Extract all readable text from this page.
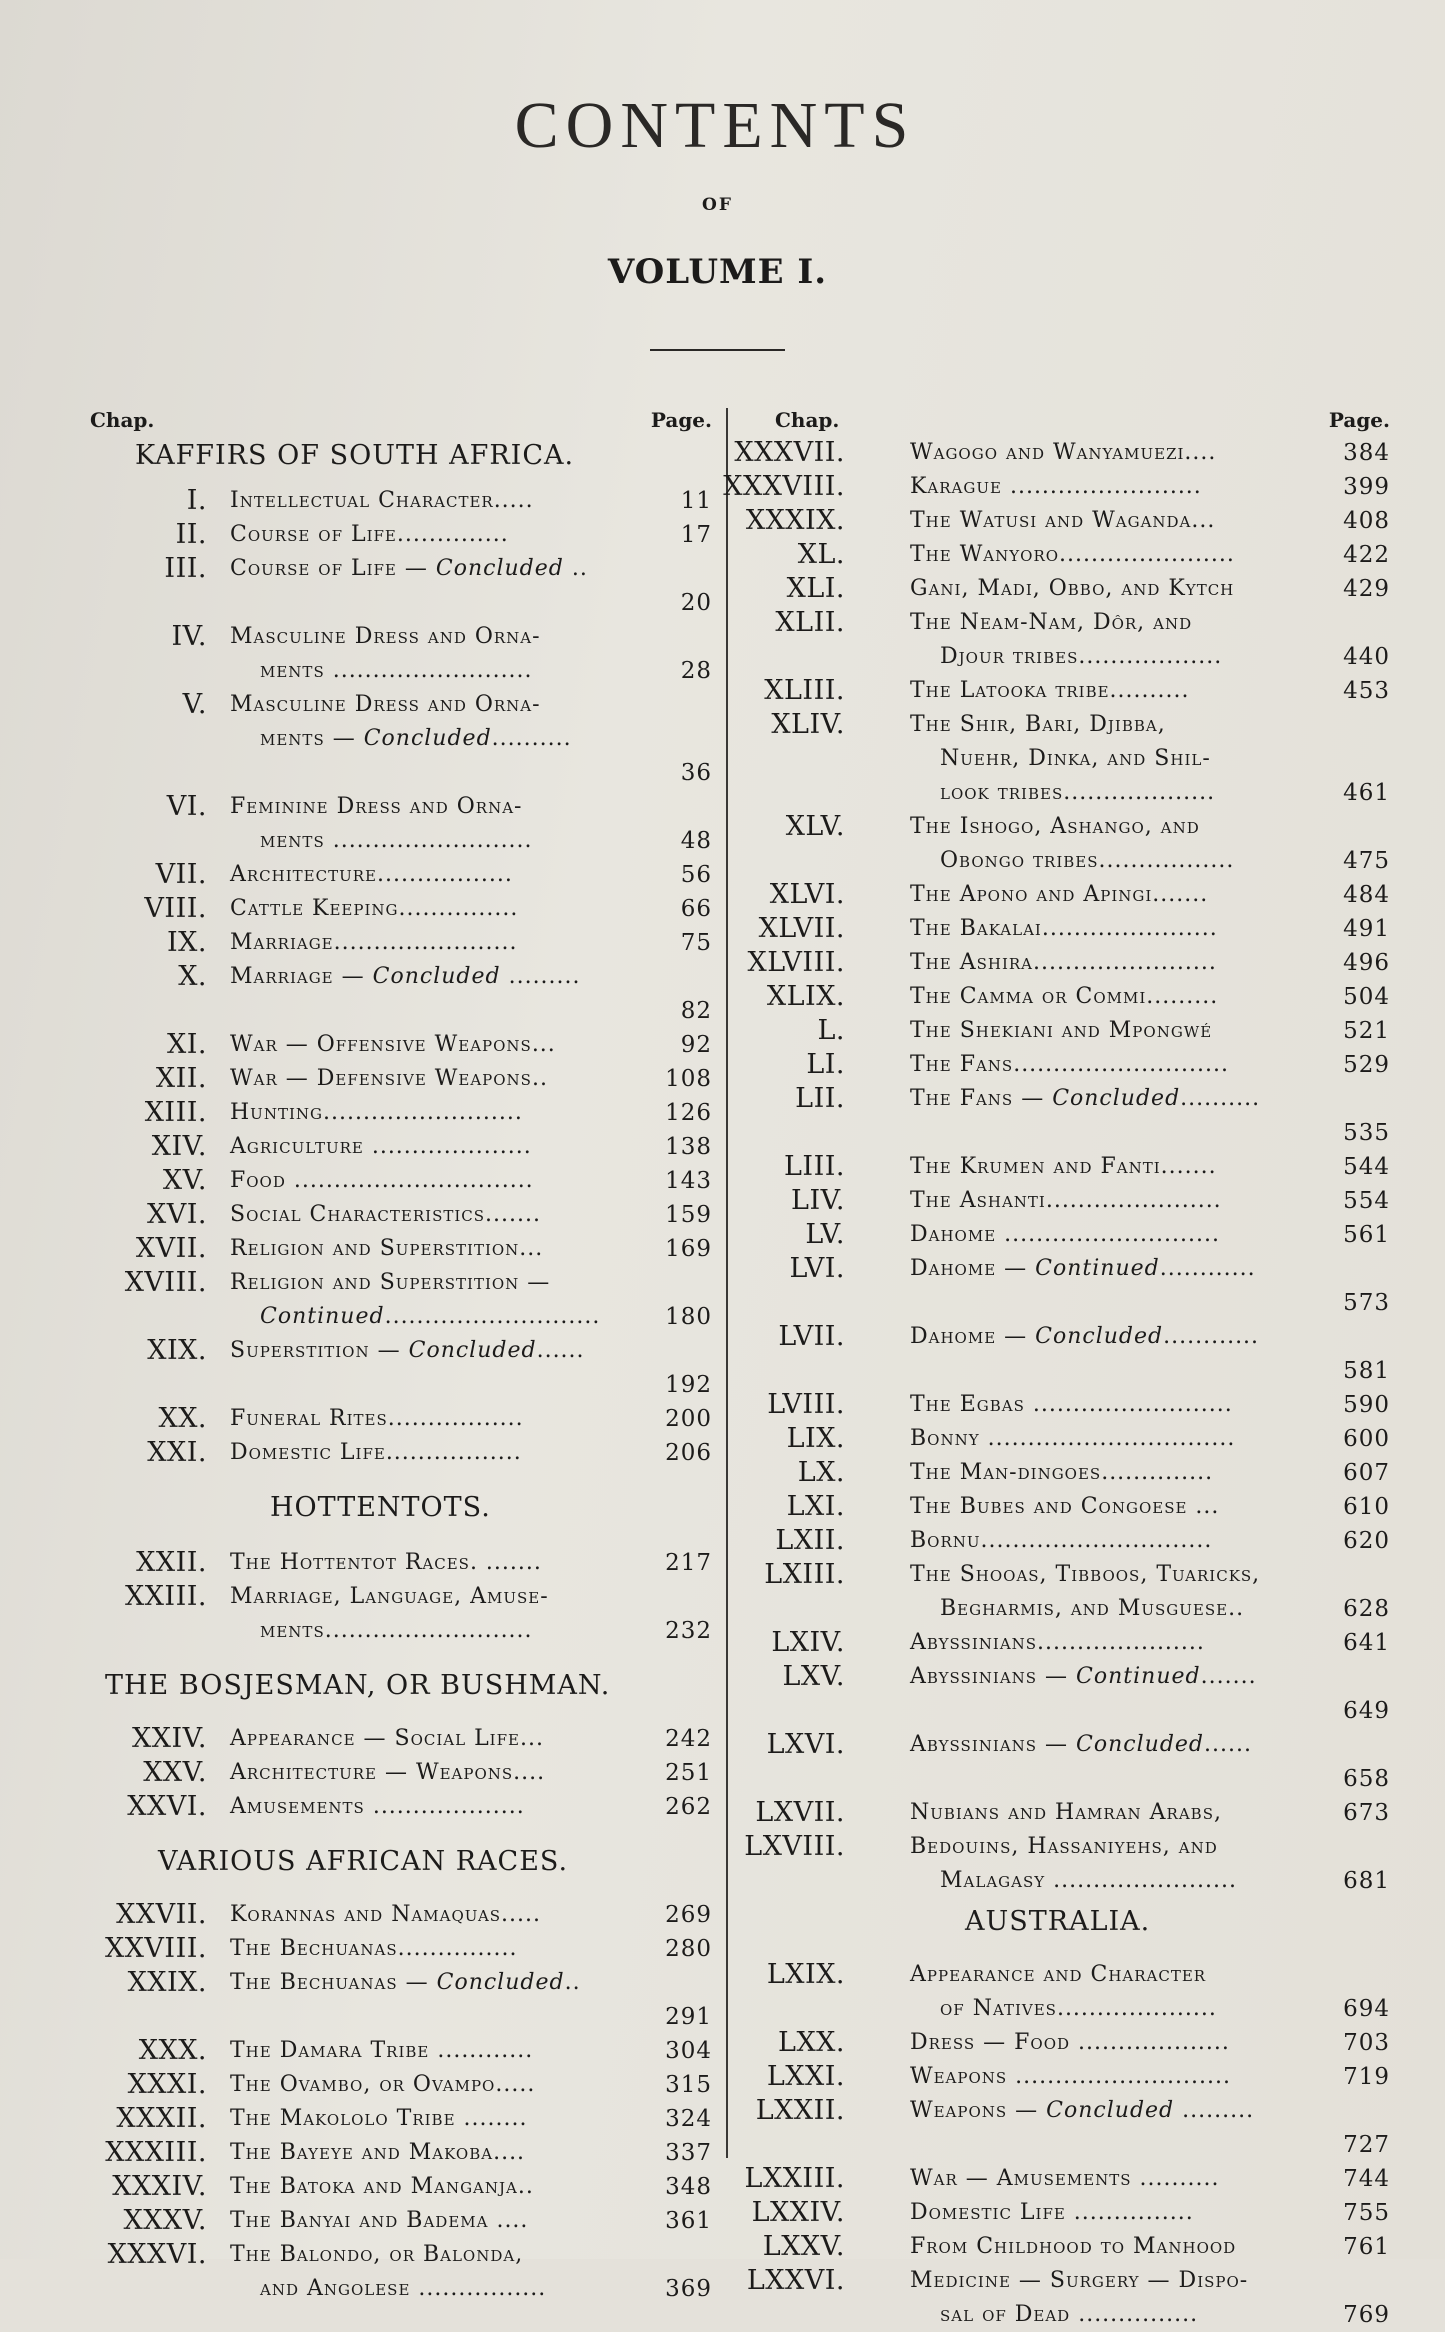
CONTENTS
OF
VOLUME I.
Chap.	Page.
KAFFIRS OF SOUTH AFRICA.
I. Intellectual Character.....	11
II. Course of Life..............	17
III. Course of Life — Concluded ..
20
IV. Masculine Dress and Orna-
ments .........................	28
V. Masculine Dress and Orna-
ments — Concluded..........
36
VI. Feminine Dress and Orna-
ments .........................	48
VII. Architecture.................	56
VIII. Cattle Keeping...............	66
IX. Marriage.......................	75
X. Marriage — Concluded .........
82
XI. War — Offensive Weapons...	92
XII. War — Defensive Weapons..	108
XIII. Hunting.........................	126
XIV. Agriculture ....................	138
XV. Food ..............................	143
XVI. Social Characteristics.......	159
XVII. Religion and Superstition...	169
XVIII. Religion and Superstition —
Continued...........................	180
XIX. Superstition — Concluded......
192
XX. Funeral Rites.................	200
XXI. Domestic Life.................	206
HOTTENTOTS.
XXII. The Hottentot Races. .......	217
XXIII. Marriage, Language, Amuse-
ments..........................	232
THE BOSJESMAN, OR BUSHMAN.
XXIV. Appearance — Social Life...	242
XXV. Architecture — Weapons....	251
XXVI. Amusements ...................	262
VARIOUS AFRICAN RACES.
XXVII. Korannas and Namaquas.....	269
XXVIII. The Bechuanas...............	280
XXIX. The Bechuanas — Concluded..
291
XXX. The Damara Tribe ............	304
XXXI. The Ovambo, or Ovampo.....	315
XXXII. The Makololo Tribe ........	324
XXXIII. The Bayeye and Makoba....	337
XXXIV. The Batoka and Manganja..	348
XXXV. The Banyai and Badema ....	361
XXXVI. The Balondo, or Balonda,
and Angolese ................	369
Chap.	Page.
XXXVII.	Wagogo and Wanyamuezi....	384
XXXVIII.	Karague ........................	399
XXXIX.	The Watusi and Waganda...	408
XL.	The Wanyoro......................	422
XLI.	Gani, Madi, Obbo, and Kytch	429
XLII.	The Neam-Nam, Dôr, and
Djour tribes..................	440
XLIII.	The Latooka tribe..........	453
XLIV.	The Shir, Bari, Djibba,
Nuehr, Dinka, and Shil-
look tribes...................	461
XLV.	The Ishogo, Ashango, and
Obongo tribes.................	475
XLVI.	The Apono and Apingi.......	484
XLVII.	The Bakalai......................	491
XLVIII.	The Ashira.......................	496
XLIX.	The Camma or Commi.........	504
L.	The Shekiani and Mpongwé	521
LI.	The Fans...........................	529
LII.	The Fans — Concluded..........
535
LIII.	The Krumen and Fanti.......	544
LIV.	The Ashanti......................	554
LV.	Dahome ...........................	561
LVI.	Dahome — Continued............
573
LVII.	Dahome — Concluded............
581
LVIII.	The Egbas .........................	590
LIX.	Bonny ...............................	600
LX.	The Man-dingoes..............	607
LXI.	The Bubes and Congoese ...	610
LXII.	Bornu.............................	620
LXIII.	The Shooas, Tibboos, Tuaricks,
Begharmis, and Musguese..	628
LXIV.	Abyssinians.....................	641
LXV.	Abyssinians — Continued.......
649
LXVI.	Abyssinians — Concluded......
658
LXVII.	Nubians and Hamran Arabs,	673
LXVIII.	Bedouins, Hassaniyehs, and
Malagasy .......................	681
AUSTRALIA.
LXIX.	Appearance and Character
of Natives....................	694
LXX.	Dress — Food ...................	703
LXXI.	Weapons ...........................	719
LXXII.	Weapons — Concluded .........
727
LXXIII.	War — Amusements ..........	744
LXXIV.	Domestic Life ...............	755
LXXV.	From Childhood to Manhood	761
LXXVI.	Medicine — Surgery — Dispo-
sal of Dead ...............	769
